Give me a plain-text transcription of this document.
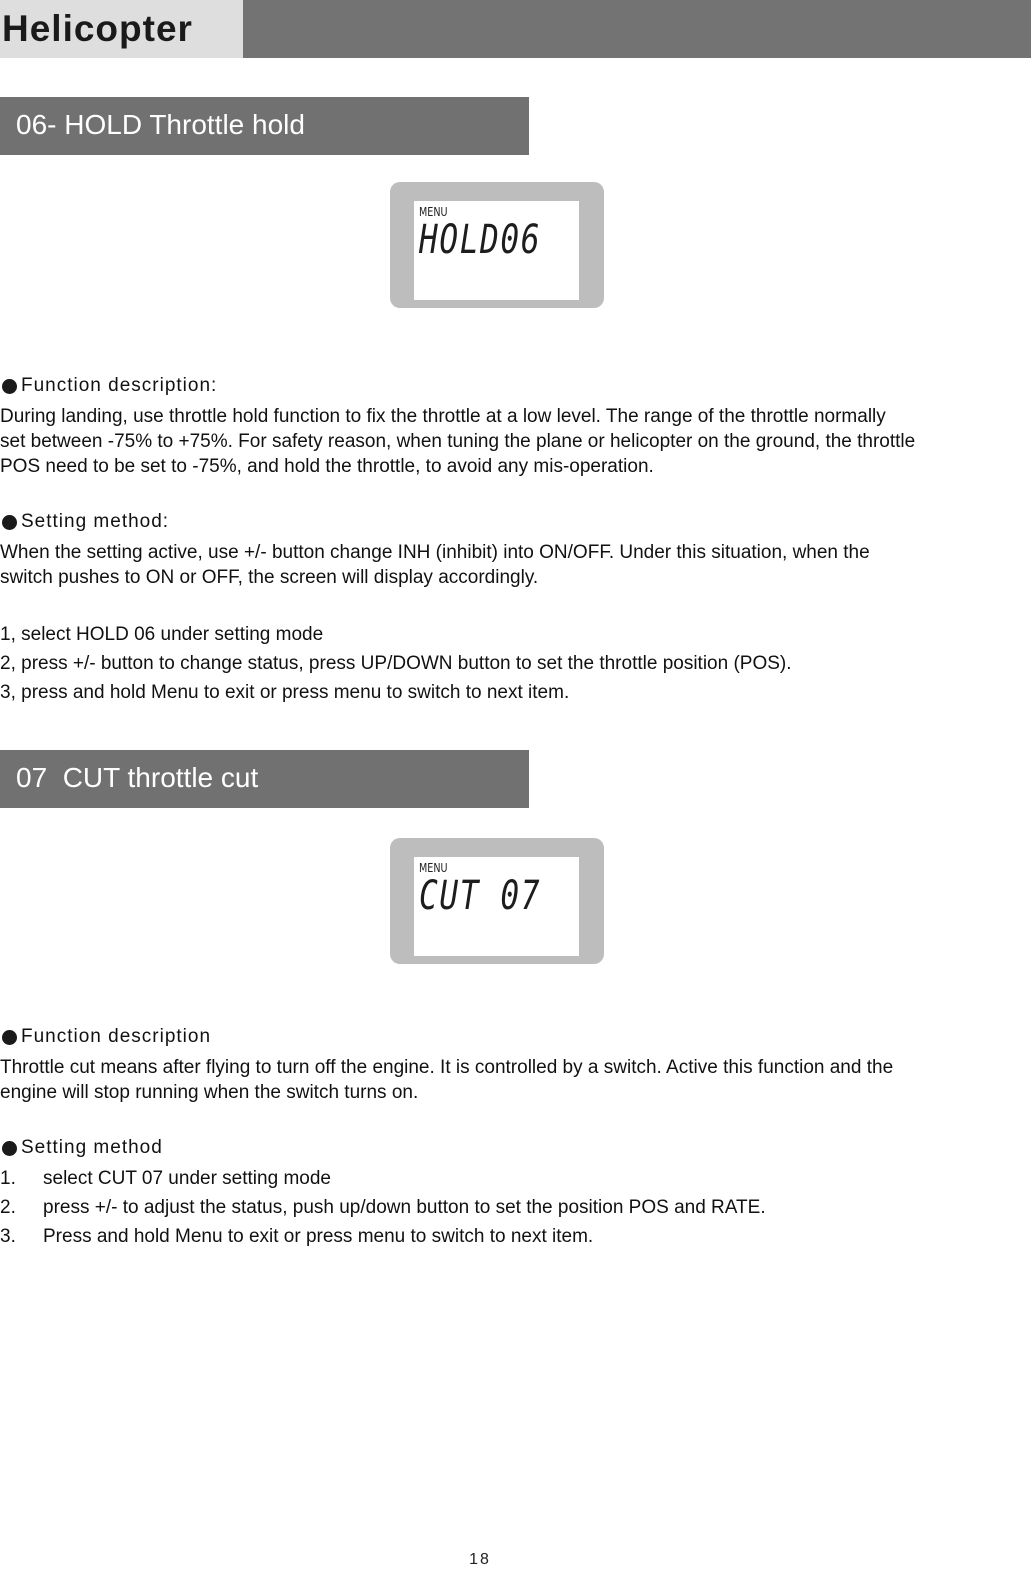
Helicopter
06- HOLD Throttle hold
MENU
HOLD06
Function description:
During landing, use throttle hold function to fix the throttle at a low level. The range of the throttle normally
set between -75% to +75%. For safety reason, when tuning the plane or helicopter on the ground, the throttle
POS need to be set to -75%, and hold the throttle, to avoid any mis-operation.
Setting method:
When the setting active, use +/- button change INH (inhibit) into ON/OFF. Under this situation, when the
switch pushes to ON or OFF, the screen will display accordingly.
1, select HOLD 06 under setting mode
2, press +/- button to change status, press UP/DOWN button to set the throttle position (POS).
3, press and hold Menu to exit or press menu to switch to next item.
07  CUT throttle cut
MENU
CUT 07
Function description
Throttle cut means after flying to turn off the engine. It is controlled by a switch. Active this function and the
engine will stop running when the switch turns on.
Setting method
1. select CUT 07 under setting mode
2. press +/- to adjust the status, push up/down button to set the position POS and RATE.
3. Press and hold Menu to exit or press menu to switch to next item.
18
